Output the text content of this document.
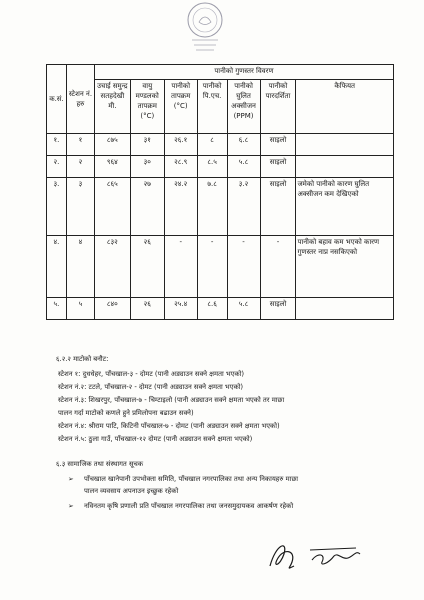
क.सं.	स्टेशन नं. हरु	पानीको गुणस्तर विवरण						
		उचाई समुन्द्र सतहदेखी मी.	वायु मण्डलको तापक्रम (°C)	पानीको तापक्रम (°C)	पानीको पि.एच.	पानीको घुलित अक्सीजन (PPM)	पानीको पारदर्शिता	कैफियत
१.	१	८७५	३१	२६.१	८	६.८	साइलो	
२.	२	९६४	३०	२८.९	८.५	५.८	साइलो	
३.	३	८६५	२७	२४.२	७.८	३.२	साइलो	जमेको पानीको कारण घुलित अक्सीजन कम देखिएको
४.	४	८३२	२६	-	-	-	-	पानीको बहाव कम भएको कारण गुणस्तर नाप्न नसकिएको
५.	५	८४०	२६	२५.४	८.६	५.८	साइलो	
६.२.२ माटोको बनौट:
स्टेशन १: दुधधेहर, पाँचखाल-३ - दोमट (पानी अड्याउन सक्ने क्षमता भएको)
स्टेशन नं.२: टटले, पाँचखाल-२ - दोमट (पानी अड्याउन सक्ने क्षमता भएको)
स्टेशन नं.३: शिखरपुर, पाँचखाल-७ - चिम्टाइलो (पानी अड्याउन सक्ने क्षमता भएको तर माछा
पालन गर्दा माटोको कणले हुने प्रमिलोपना बढाउन सक्ने)
स्टेशन नं.४: श्रीराम पाटि, किटिनी पाँचखाल-७ - दोमट (पानी अड्याउन सक्ने क्षमता भएको)
स्टेशन नं.५: ठुला गाउँ, पाँचखाल-१२ दोमट (पानी अड्याउन सक्ने क्षमता भएको)
६.३ सामाजिक तथा संस्थागत सूचक
➢ पाँचखाल खानेपानी उपभोक्ता समिति, पाँचखाल नगरपालिका तथा अन्य निकायहरु माछा
पालन व्यवसाय अपनाउन इच्छुक रहेको
➢ नविनतम कृषि प्रणाली प्रति पाँचखाल नगरपालिका तथा जनसमुदायकव आकर्षण रहेको
